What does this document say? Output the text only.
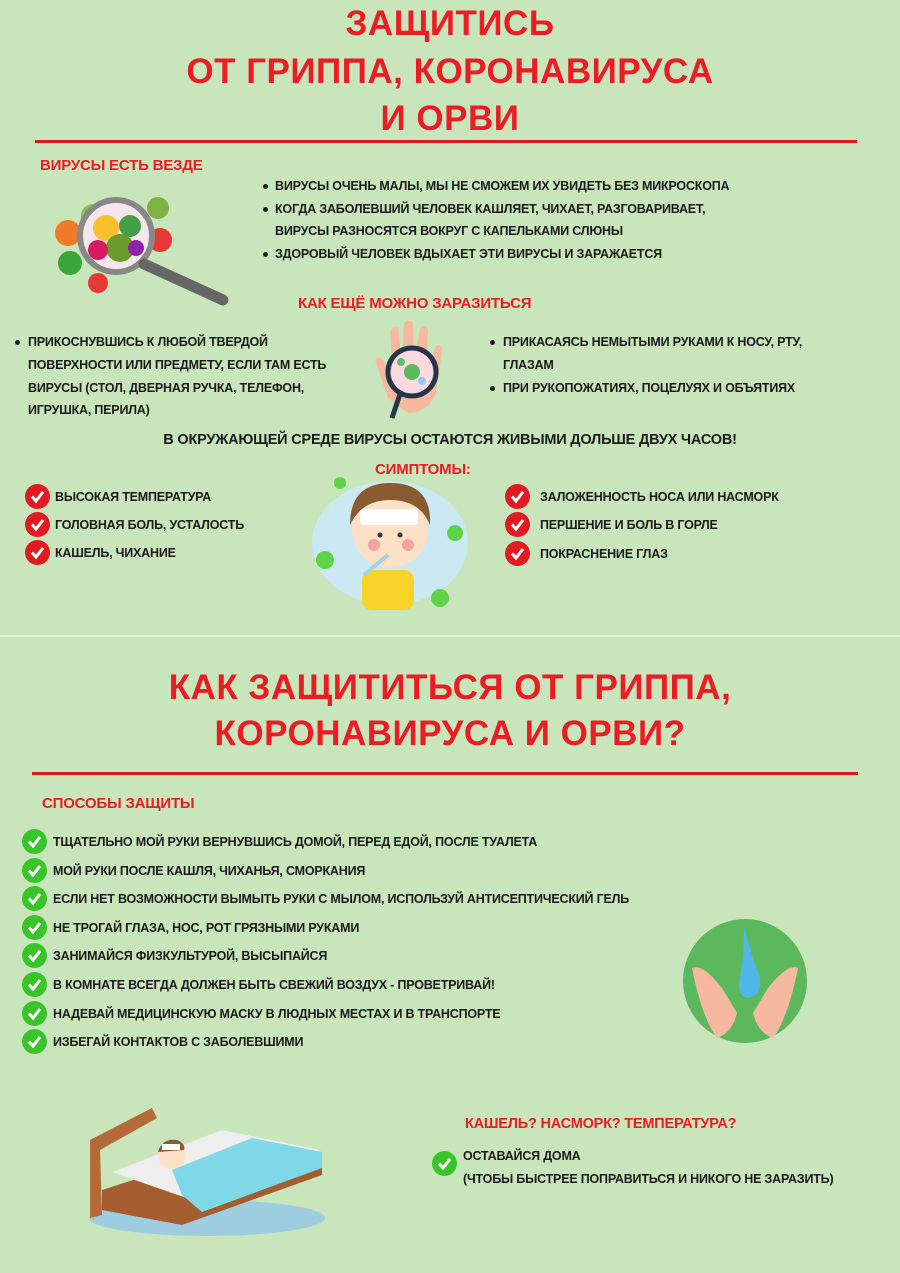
ЗАЩИТИСЬ
ОТ ГРИППА, КОРОНАВИРУСА
И ОРВИ
ВИРУСЫ ЕСТЬ ВЕЗДЕ
ВИРУСЫ ОЧЕНЬ МАЛЫ, МЫ НЕ СМОЖЕМ ИХ УВИДЕТЬ БЕЗ МИКРОСКОПА
КОГДА ЗАБОЛЕВШИЙ ЧЕЛОВЕК КАШЛЯЕТ, ЧИХАЕТ, РАЗГОВАРИВАЕТ,
ВИРУСЫ РАЗНОСЯТСЯ ВОКРУГ С КАПЕЛЬКАМИ СЛЮНЫ
ЗДОРОВЫЙ ЧЕЛОВЕК ВДЫХАЕТ ЭТИ ВИРУСЫ И ЗАРАЖАЕТСЯ
КАК ЕЩЁ МОЖНО ЗАРАЗИТЬСЯ
ПРИКОСНУВШИСЬ К ЛЮБОЙ ТВЕРДОЙ
ПОВЕРХНОСТИ ИЛИ ПРЕДМЕТУ, ЕСЛИ ТАМ ЕСТЬ
ВИРУСЫ (СТОЛ, ДВЕРНАЯ РУЧКА, ТЕЛЕФОН,
ИГРУШКА, ПЕРИЛА)
ПРИКАСАЯСЬ НЕМЫТЫМИ РУКАМИ К НОСУ, РТУ,
ГЛАЗАМ
ПРИ РУКОПОЖАТИЯХ, ПОЦЕЛУЯХ И ОБЪЯТИЯХ
В ОКРУЖАЮЩЕЙ СРЕДЕ ВИРУСЫ ОСТАЮТСЯ ЖИВЫМИ ДОЛЬШЕ ДВУХ ЧАСОВ!
СИМПТОМЫ:
ВЫСОКАЯ ТЕМПЕРАТУРА
ГОЛОВНАЯ БОЛЬ, УСТАЛОСТЬ
КАШЕЛЬ, ЧИХАНИЕ
ЗАЛОЖЕННОСТЬ НОСА ИЛИ НАСМОРК
ПЕРШЕНИЕ И БОЛЬ В ГОРЛЕ
ПОКРАСНЕНИЕ ГЛАЗ
КАК ЗАЩИТИТЬСЯ ОТ ГРИППА,
КОРОНАВИРУСА И ОРВИ?
СПОСОБЫ ЗАЩИТЫ
ТЩАТЕЛЬНО МОЙ РУКИ ВЕРНУВШИСЬ ДОМОЙ, ПЕРЕД ЕДОЙ, ПОСЛЕ ТУАЛЕТА
МОЙ РУКИ ПОСЛЕ КАШЛЯ, ЧИХАНЬЯ, СМОРКАНИЯ
ЕСЛИ НЕТ ВОЗМОЖНОСТИ ВЫМЫТЬ РУКИ С МЫЛОМ, ИСПОЛЬЗУЙ АНТИСЕПТИЧЕСКИЙ ГЕЛЬ
НЕ ТРОГАЙ ГЛАЗА, НОС, РОТ ГРЯЗНЫМИ РУКАМИ
ЗАНИМАЙСЯ ФИЗКУЛЬТУРОЙ, ВЫСЫПАЙСЯ
В КОМНАТЕ ВСЕГДА ДОЛЖЕН БЫТЬ СВЕЖИЙ ВОЗДУХ - ПРОВЕТРИВАЙ!
НАДЕВАЙ МЕДИЦИНСКУЮ МАСКУ В ЛЮДНЫХ МЕСТАХ И В ТРАНСПОРТЕ
ИЗБЕГАЙ КОНТАКТОВ С ЗАБОЛЕВШИМИ
КАШЕЛЬ? НАСМОРК? ТЕМПЕРАТУРА?
ОСТАВАЙСЯ ДОМА
(ЧТОБЫ БЫСТРЕЕ ПОПРАВИТЬСЯ И НИКОГО НЕ ЗАРАЗИТЬ)
